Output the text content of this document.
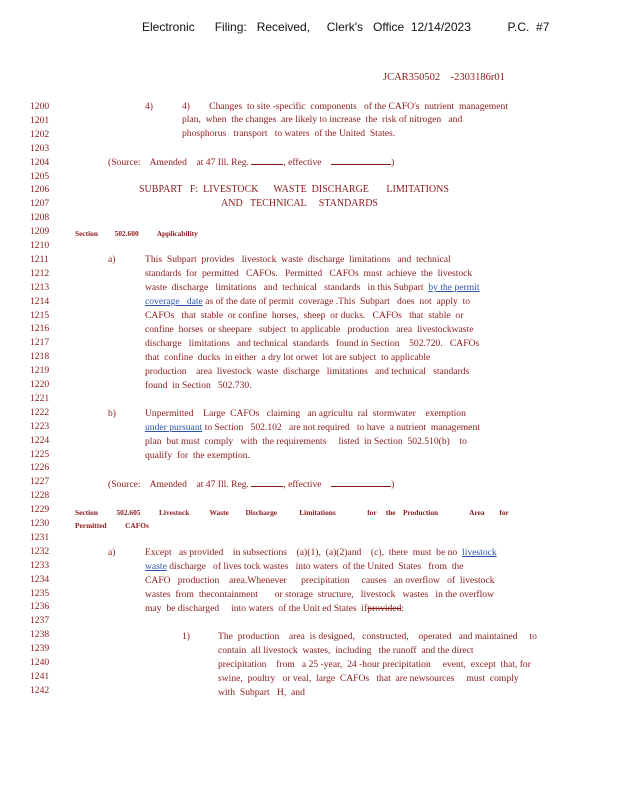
Electronic      Filing:   Received,     Clerk's   Office  12/14/2023           P.C.  #7
JCAR350502    -2303186r01
1200
1201
1202
1203
1204
1205
1206
1207
1208
1209
1210
1211
1212
1213
1214
1215
1216
1217
1218
1219
1220
1221
1222
1223
1224
1225
1226
1227
1228
1229
1230
1231
1232
1233
1234
1235
1236
1237
1238
1239
1240
1241
1242
4)	4)        Changes  to site -specific  components   of the CAFO's  nutrient  management
plan,  when  the changes  are likely to increase  the  risk of nitrogen   and
phosphorus   transport   to waters  of the United  States.
(Source:    Amended    at 47 Ill. Reg.	, effective	)
SUBPART   F:  LIVESTOCK      WASTE  DISCHARGE       LIMITATIONS
AND   TECHNICAL     STANDARDS
Section         502.600          Applicability
a)	This  Subpart  provides   livestock  waste  discharge  limitations   and  technical
standards  for  permitted   CAFOs.   Permitted   CAFOs  must  achieve  the  livestock
waste  discharge   limitations   and  technical   standards   in this Subpart by the permit
coverage   date as of the date of permit  coverage .This  Subpart   does  not  apply  to
CAFOs   that  stable  or confine  horses,  sheep  or ducks.   CAFOs   that  stable  or
confine  horses  or sheepare   subject  to applicable   production   area  livestockwaste
discharge   limitations   and technical  standards   found in Section    502.720.   CAFOs
that  confine  ducks  in either  a dry lot orwet  lot are subject  to applicable
production    area  livestock  waste  discharge   limitations   and technical   standards
found  in Section   502.730.
b)	Unpermitted    Large  CAFOs   claiming   an agricultu  ral  stormwater    exemption
under pursuant to Section   502.102   are not required   to have  a nutrient  management
plan  but must  comply   with  the requirements     listed  in Section  502.510(b)    to
qualify  for  the exemption.
(Source:    Amended    at 47 Ill. Reg.	, effective	)
Section          502.605          Livestock           Waste         Discharge            Limitations                 for     the    Production                 Area        for
Permitted          CAFOs
a)	Except   as provided    in subsections    (a)(1),  (a)(2)and    (c),  there  must  be no livestock
waste discharge   of lives tock wastes   into waters  of the United  States   from  the
CAFO   production    area.Whenever      precipitation     causes   an overflow   of  livestock
wastes  from  thecontainment       or storage  structure,   livestock   wastes   in the overflow
may  be discharged     into waters  of the Unit ed States  ifprovided:
1)	The  production    area  is designed,   constructed,    operated   and maintained     to
contain  all livestock  wastes,  including   the runoff  and the direct
precipitation    from   a 25 -year,  24 -hour precipitation     event,  except  that, for
swine,  poultry   or veal,  large  CAFOs   that  are newsources     must  comply
with  Subpart   H,  and
